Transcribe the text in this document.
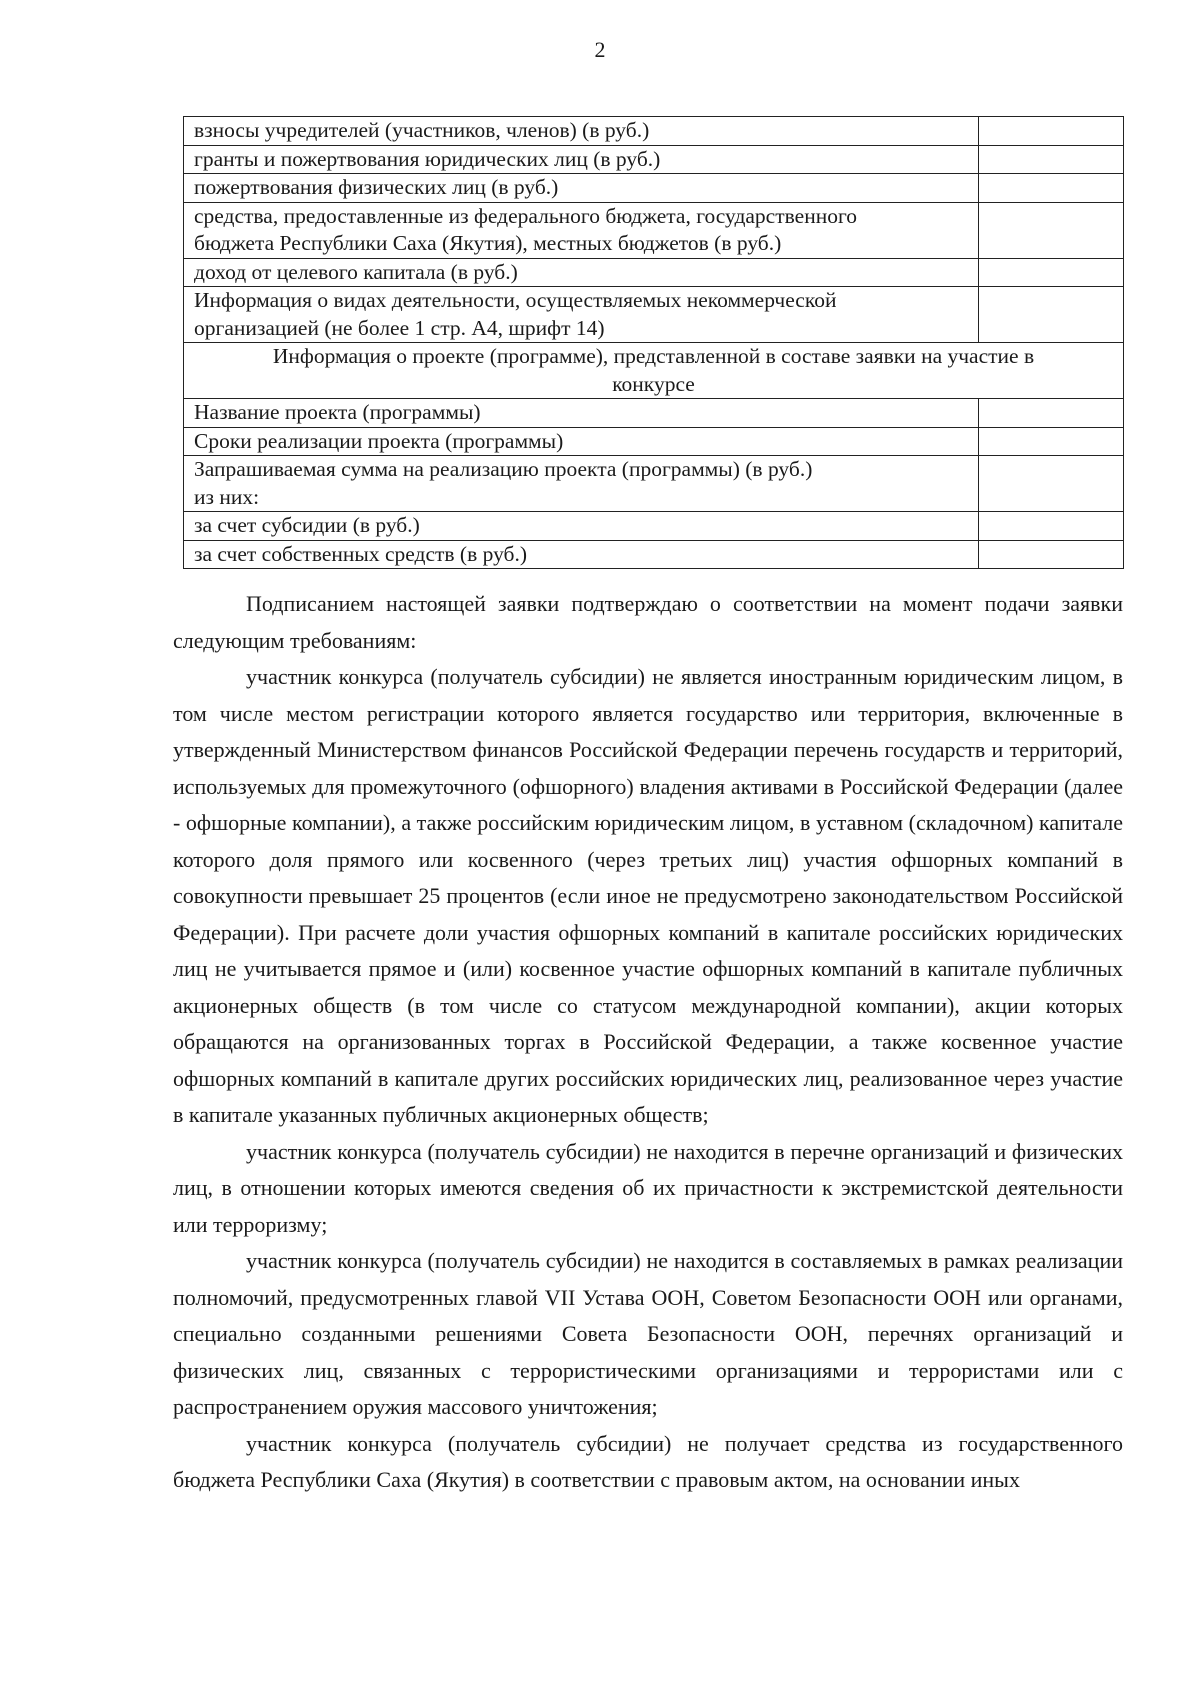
2
взносы учредителей (участников, членов) (в руб.)	
гранты и пожертвования юридических лиц (в руб.)	
пожертвования физических лиц (в руб.)	
средства, предоставленные из федерального бюджета, государственного
бюджета Республики Саха (Якутия), местных бюджетов (в руб.)	
доход от целевого капитала (в руб.)	
Информация о видах деятельности, осуществляемых некоммерческой
организацией (не более 1 стр. А4, шрифт 14)	
Информация о проекте (программе), представленной в составе заявки на участие в
конкурсе	
Название проекта (программы)	
Сроки реализации проекта (программы)	
Запрашиваемая сумма на реализацию проекта (программы) (в руб.)
из них:	
за счет субсидии (в руб.)	
за счет собственных средств (в руб.)	

Подписанием настоящей заявки подтверждаю о соответствии на момент подачи заявки следующим требованиям:

участник конкурса (получатель субсидии) не является иностранным юридическим лицом, в том числе местом регистрации которого является государство или территория, включенные в утвержденный Министерством финансов Российской Федерации перечень государств и территорий, используемых для промежуточного (офшорного) владения активами в Российской Федерации (далее - офшорные компании), а также российским юридическим лицом, в уставном (складочном) капитале которого доля прямого или косвенного (через третьих лиц) участия офшорных компаний в совокупности превышает 25 процентов (если иное не предусмотрено законодательством Российской Федерации). При расчете доли участия офшорных компаний в капитале российских юридических лиц не учитывается прямое и (или) косвенное участие офшорных компаний в капитале публичных акционерных обществ (в том числе со статусом международной компании), акции которых обращаются на организованных торгах в Российской Федерации, а также косвенное участие офшорных компаний в капитале других российских юридических лиц, реализованное через участие в капитале указанных публичных акционерных обществ;

участник конкурса (получатель субсидии) не находится в перечне организаций и физических лиц, в отношении которых имеются сведения об их причастности к экстремистской деятельности или терроризму;

участник конкурса (получатель субсидии) не находится в составляемых в рамках реализации полномочий, предусмотренных главой VII Устава ООН, Советом Безопасности ООН или органами, специально созданными решениями Совета Безопасности ООН, перечнях организаций и физических лиц, связанных с террористическими организациями и террористами или с распространением оружия массового уничтожения;

участник конкурса (получатель субсидии) не получает средства из государственного бюджета Республики Саха (Якутия) в соответствии с правовым актом, на основании иных
